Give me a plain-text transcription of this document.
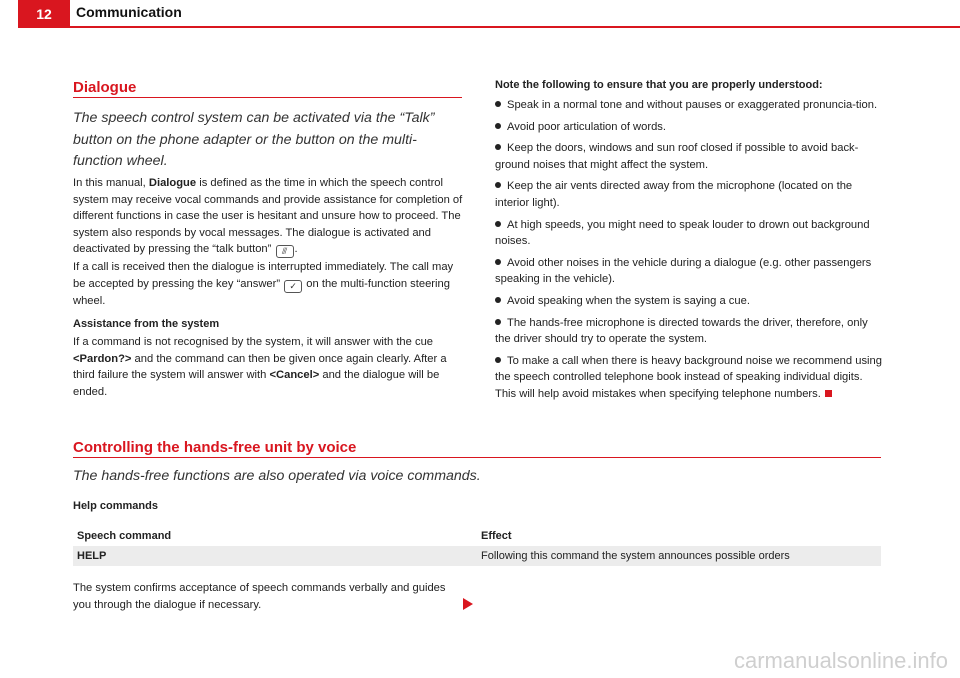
12	Communication
Dialogue
The speech control system can be activated via the “Talk” button on the phone adapter or the button on the multi-function wheel.
In this manual, Dialogue is defined as the time in which the speech control system may receive vocal commands and provide assistance for completion of different functions in case the user is hesitant and unsure how to proceed. The system also responds by vocal messages. The dialogue is activated and deactivated by pressing the “talk button” ⫻︎ .
If a call is received then the dialogue is interrupted immediately. The call may be accepted by pressing the key “answer” ✓ on the multi-function steering wheel.
Assistance from the system
If a command is not recognised by the system, it will answer with the cue <Pardon?> and the command can then be given once again clearly. After a third failure the system will answer with <Cancel> and the dialogue will be ended.
Note the following to ensure that you are properly understood:
Speak in a normal tone and without pauses or exaggerated pronuncia-tion.
Avoid poor articulation of words.
Keep the doors, windows and sun roof closed if possible to avoid back-ground noises that might affect the system.
Keep the air vents directed away from the microphone (located on the interior light).
At high speeds, you might need to speak louder to drown out background noises.
Avoid other noises in the vehicle during a dialogue (e.g. other passengers speaking in the vehicle).
Avoid speaking when the system is saying a cue.
The hands-free microphone is directed towards the driver, therefore, only the driver should try to operate the system.
To make a call when there is heavy background noise we recommend using the speech controlled telephone book instead of speaking individual digits. This will help avoid mistakes when specifying telephone numbers.
Controlling the hands-free unit by voice
The hands-free functions are also operated via voice commands.
Help commands
Speech command	Effect
HELP	Following this command the system announces possible orders
The system confirms acceptance of speech commands verbally and guides you through the dialogue if necessary.
carmanualsonline.info
